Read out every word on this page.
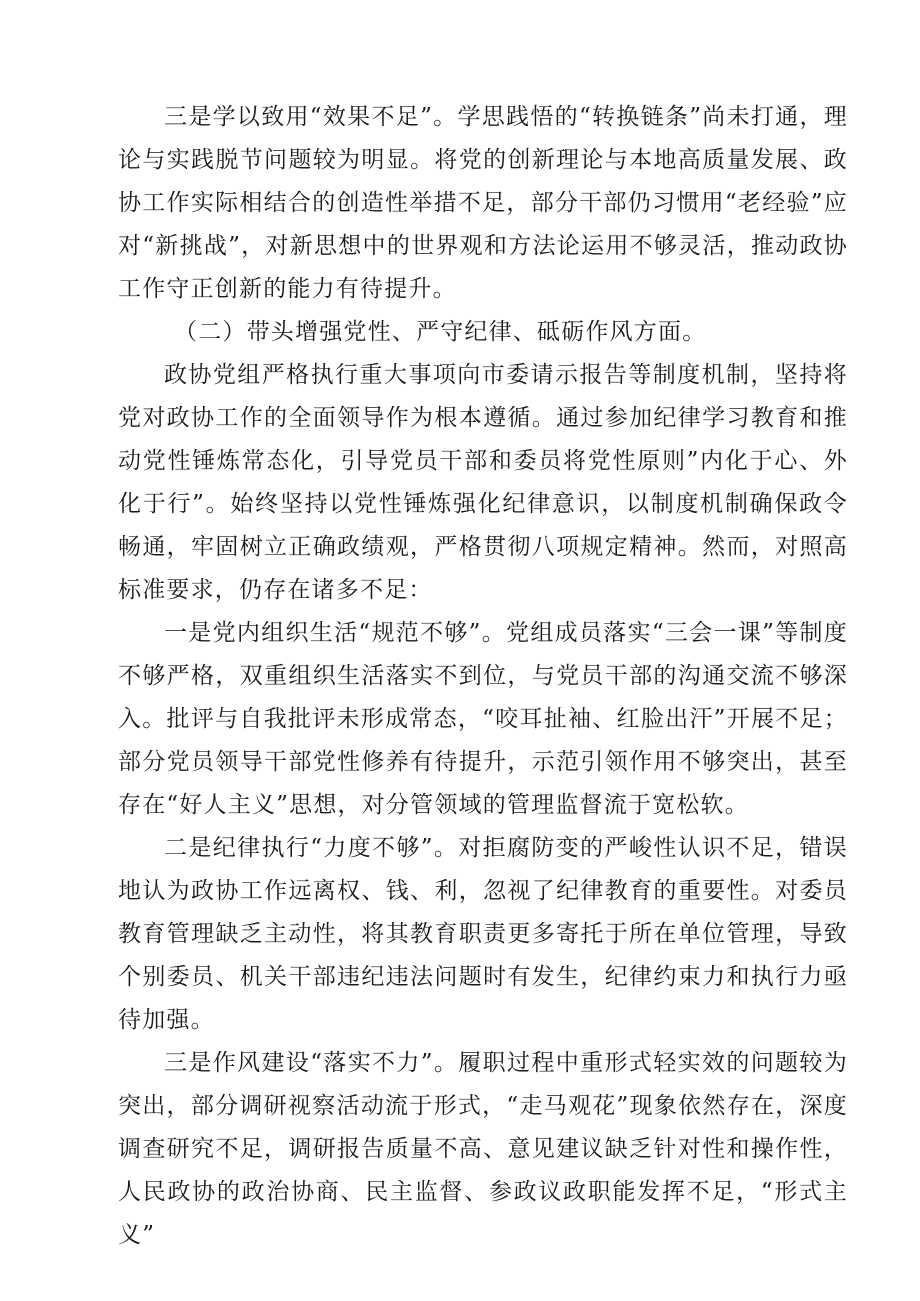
三是学以致用“效果不足”。学思践悟的“转换链条”尚未打通，理论与实践脱节问题较为明显。将党的创新理论与本地高质量发展、政协工作实际相结合的创造性举措不足，部分干部仍习惯用“老经验”应对“新挑战”，对新思想中的世界观和方法论运用不够灵活，推动政协工作守正创新的能力有待提升。

（二）带头增强党性、严守纪律、砥砺作风方面。

政协党组严格执行重大事项向市委请示报告等制度机制，坚持将党对政协工作的全面领导作为根本遵循。通过参加纪律学习教育和推动党性锤炼常态化，引导党员干部和委员将党性原则”内化于心、外化于行”。始终坚持以党性锤炼强化纪律意识，以制度机制确保政令畅通，牢固树立正确政绩观，严格贯彻八项规定精神。然而，对照高标准要求，仍存在诸多不足：

一是党内组织生活“规范不够”。党组成员落实“三会一课”等制度不够严格，双重组织生活落实不到位，与党员干部的沟通交流不够深入。批评与自我批评未形成常态，“咬耳扯袖、红脸出汗”开展不足；部分党员领导干部党性修养有待提升，示范引领作用不够突出，甚至存在“好人主义”思想，对分管领域的管理监督流于宽松软。

二是纪律执行“力度不够”。对拒腐防变的严峻性认识不足，错误地认为政协工作远离权、钱、利，忽视了纪律教育的重要性。对委员教育管理缺乏主动性，将其教育职责更多寄托于所在单位管理，导致个别委员、机关干部违纪违法问题时有发生，纪律约束力和执行力亟待加强。

三是作风建设“落实不力”。履职过程中重形式轻实效的问题较为突出，部分调研视察活动流于形式，“走马观花”现象依然存在，深度调查研究不足，调研报告质量不高、意见建议缺乏针对性和操作性，人民政协的政治协商、民主监督、参政议政职能发挥不足，“形式主义”
